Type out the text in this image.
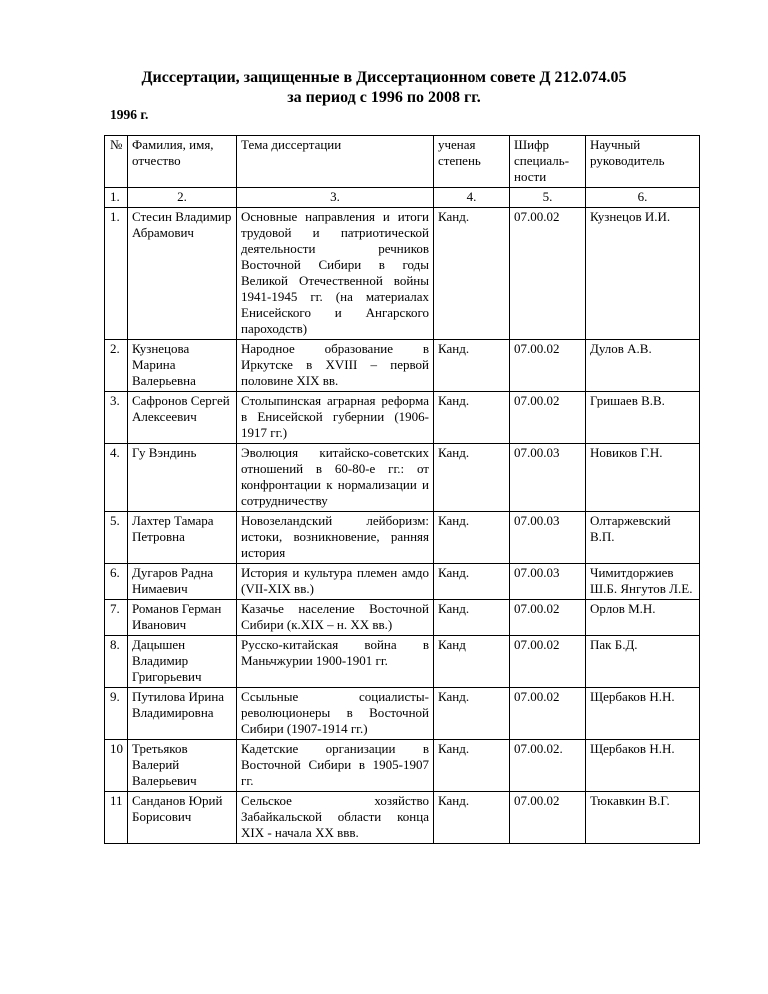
Диссертации, защищенные в Диссертационном совете Д 212.074.05
за период с 1996 по 2008 гг.
1996 г.
№	Фамилия, имя, отчество	Тема диссертации	ученая степень	Шифр специаль-ности	Научный руководитель
1.	2.	3.	4.	5.	6.
1.	Стесин Владимир Абрамович	Основные направления и итоги трудовой и патриотической деятельности речников Восточной Сибири в годы Великой Отечественной войны 1941-1945 гг. (на материалах Енисейского и Ангарского пароходств)	Канд.	07.00.02	Кузнецов И.И.
2.	Кузнецова Марина Валерьевна	Народное образование в Иркутске в XVIII – первой половине XIX вв.	Канд.	07.00.02	Дулов А.В.
3.	Сафронов Сергей Алексеевич	Столыпинская аграрная реформа в Енисейской губернии (1906-1917 гг.)	Канд.	07.00.02	Гришаев В.В.
4.	Гу Вэндинь	Эволюция китайско-советских отношений в 60-80-е гг.: от конфронтации к нормализации и сотрудничеству	Канд.	07.00.03	Новиков Г.Н.
5.	Лахтер Тамара Петровна	Новозеландский лейборизм: истоки, возникновение, ранняя история	Канд.	07.00.03	Олтаржевский В.П.
6.	Дугаров Радна Нимаевич	История и культура племен амдо (VII-XIX вв.)	Канд.	07.00.03	Чимитдоржиев Ш.Б. Янгутов Л.Е.
7.	Романов Герман Иванович	Казачье население Восточной Сибири (к.XIX – н. XX вв.)	Канд.	07.00.02	Орлов М.Н.
8.	Дацышен Владимир Григорьевич	Русско-китайская война в Маньчжурии 1900-1901 гг.	Канд	07.00.02	Пак Б.Д.
9.	Путилова Ирина Владимировна	Ссыльные социалисты-революционеры в Восточной Сибири (1907-1914 гг.)	Канд.	07.00.02	Щербаков Н.Н.
10	Третьяков Валерий Валерьевич	Кадетские организации в Восточной Сибири в 1905-1907 гг.	Канд.	07.00.02.	Щербаков Н.Н.
11	Санданов Юрий Борисович	Сельское хозяйство Забайкальской области конца XIX - начала XX ввв.	Канд.	07.00.02	Тюкавкин В.Г.
